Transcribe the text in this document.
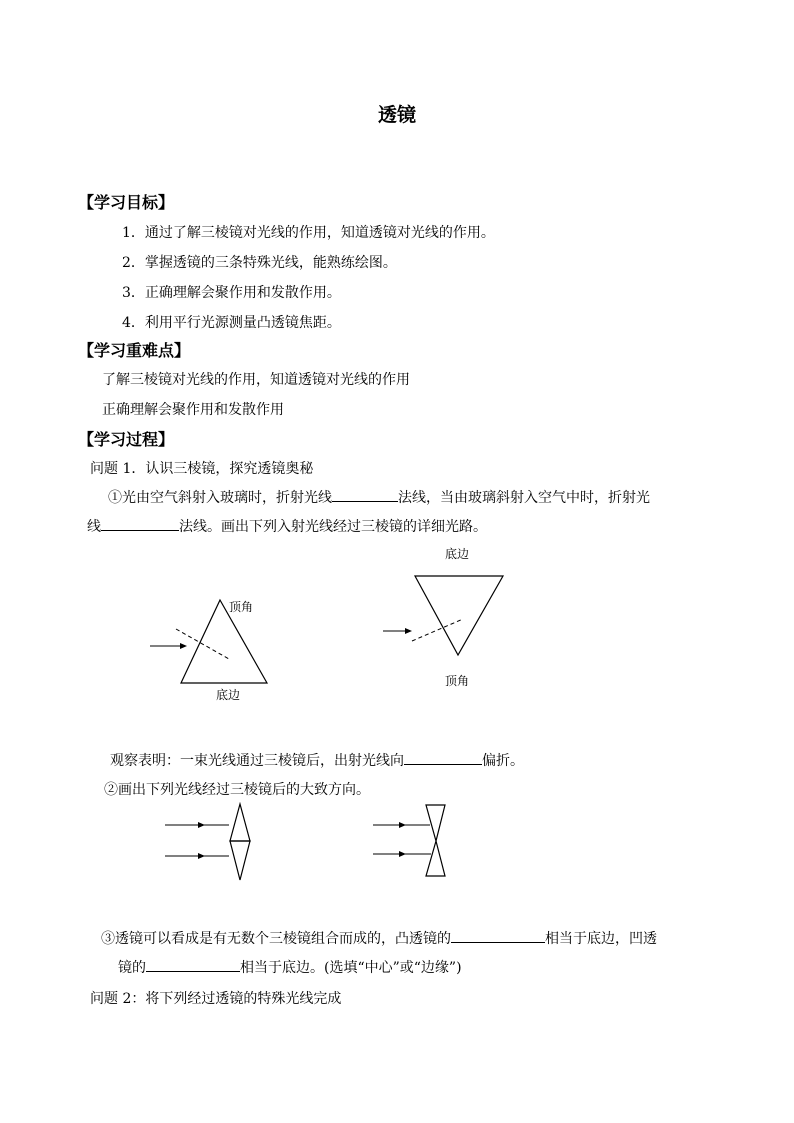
透镜
【学习目标】
1．通过了解三棱镜对光线的作用，知道透镜对光线的作用。
2．掌握透镜的三条特殊光线，能熟练绘图。
3．正确理解会聚作用和发散作用。
4．利用平行光源测量凸透镜焦距。
【学习重难点】
了解三棱镜对光线的作用，知道透镜对光线的作用
正确理解会聚作用和发散作用
【学习过程】
问题 1．认识三棱镜，探究透镜奥秘
①光由空气斜射入玻璃时，折射光线	法线，当由玻璃斜射入空气中时，折射光
线	法线。画出下列入射光线经过三棱镜的详细光路。
顶角
底边
底边
顶角
观察表明：一束光线通过三棱镜后，出射光线向	偏折。
②画出下列光线经过三棱镜后的大致方向。
③透镜可以看成是有无数个三棱镜组合而成的，凸透镜的	相当于底边，凹透
镜的	相当于底边。(选填“中心”或“边缘”)
问题 2：将下列经过透镜的特殊光线完成
